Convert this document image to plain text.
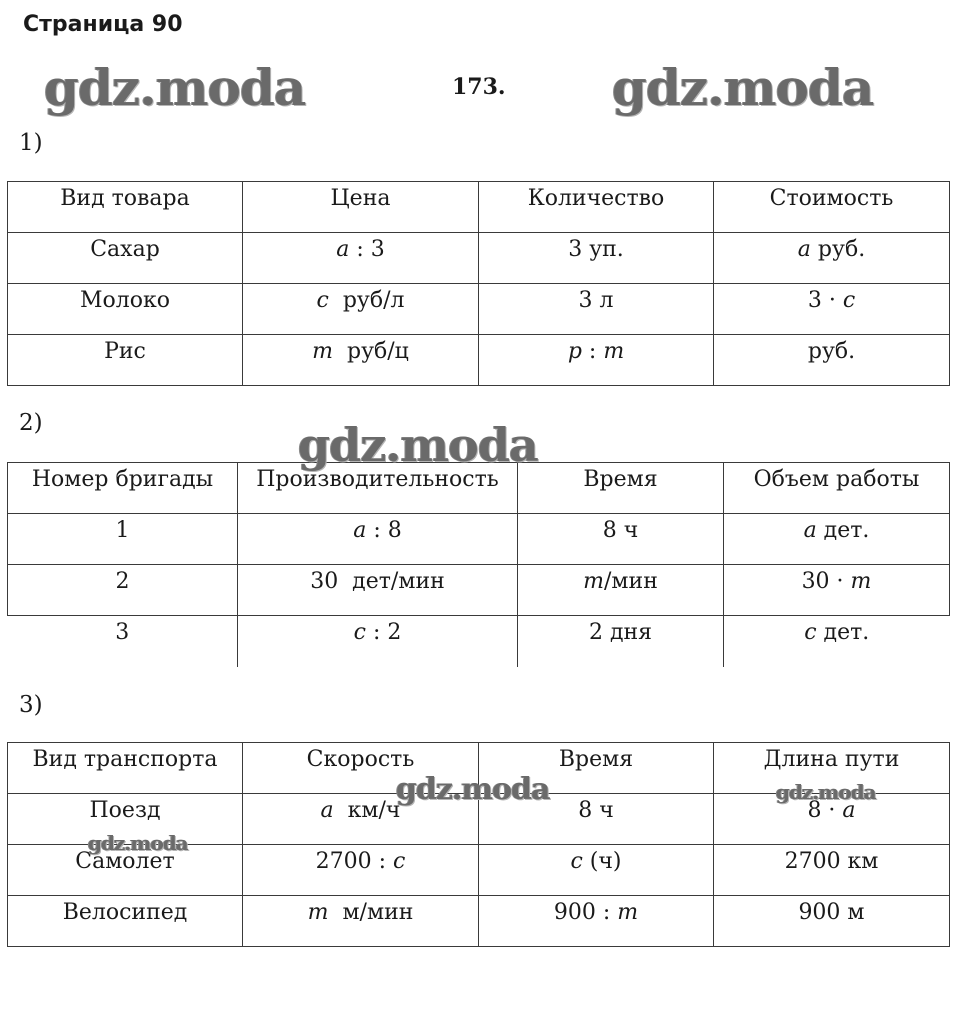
Страница 90
173.
1)
Вид товара	Цена	Количество	Стоимость
Сахар	a : 3	3 уп.	a руб.
Молоко	c  руб/л	3 л	3 · c
Рис	m  руб/ц	p : m	руб.
2)
Номер бригады	Производительность	Время	Объем работы
1	a : 8	8 ч	a дет.
2	30  дет/мин	m/мин	30 · m
3	c : 2	2 дня	c дет.
3)
Вид транспорта	Скорость	Время	Длина пути
Поезд	a  км/ч	8 ч	8 · a
Самолет	2700 : c	c (ч)	2700 км
Велосипед	m  м/мин	900 : m	900 м
gdz.moda	gdz.moda
gdz.moda
gdz.moda	gdz.moda
gdz.moda
